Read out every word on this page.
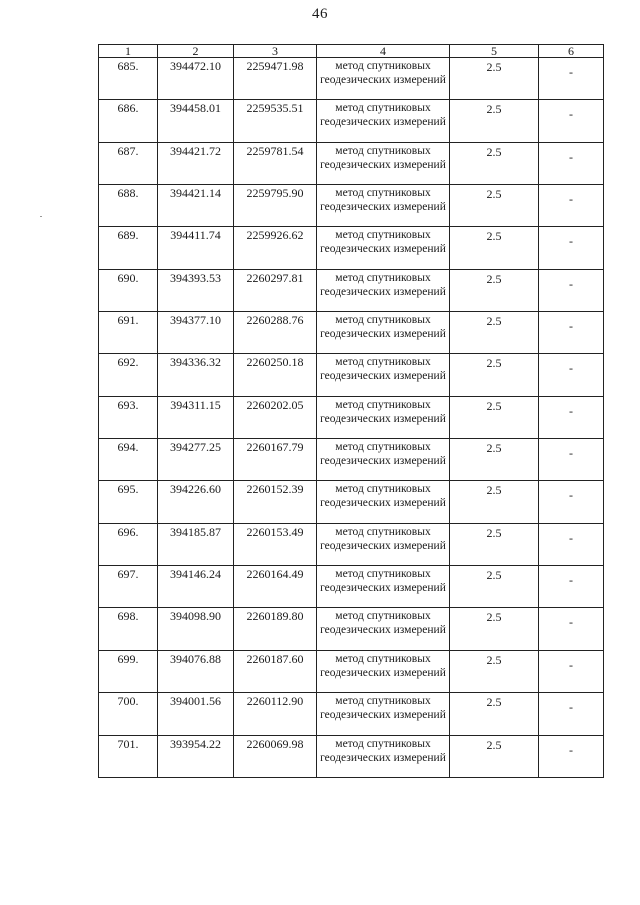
46
1	2	3	4	5	6
685.	394472.10	2259471.98	метод спутниковых геодезических измерений	2.5	-
686.	394458.01	2259535.51	метод спутниковых геодезических измерений	2.5	-
687.	394421.72	2259781.54	метод спутниковых геодезических измерений	2.5	-
688.	394421.14	2259795.90	метод спутниковых геодезических измерений	2.5	-
689.	394411.74	2259926.62	метод спутниковых геодезических измерений	2.5	-
690.	394393.53	2260297.81	метод спутниковых геодезических измерений	2.5	-
691.	394377.10	2260288.76	метод спутниковых геодезических измерений	2.5	-
692.	394336.32	2260250.18	метод спутниковых геодезических измерений	2.5	-
693.	394311.15	2260202.05	метод спутниковых геодезических измерений	2.5	-
694.	394277.25	2260167.79	метод спутниковых геодезических измерений	2.5	-
695.	394226.60	2260152.39	метод спутниковых геодезических измерений	2.5	-
696.	394185.87	2260153.49	метод спутниковых геодезических измерений	2.5	-
697.	394146.24	2260164.49	метод спутниковых геодезических измерений	2.5	-
698.	394098.90	2260189.80	метод спутниковых геодезических измерений	2.5	-
699.	394076.88	2260187.60	метод спутниковых геодезических измерений	2.5	-
700.	394001.56	2260112.90	метод спутниковых геодезических измерений	2.5	-
701.	393954.22	2260069.98	метод спутниковых геодезических измерений	2.5	-
